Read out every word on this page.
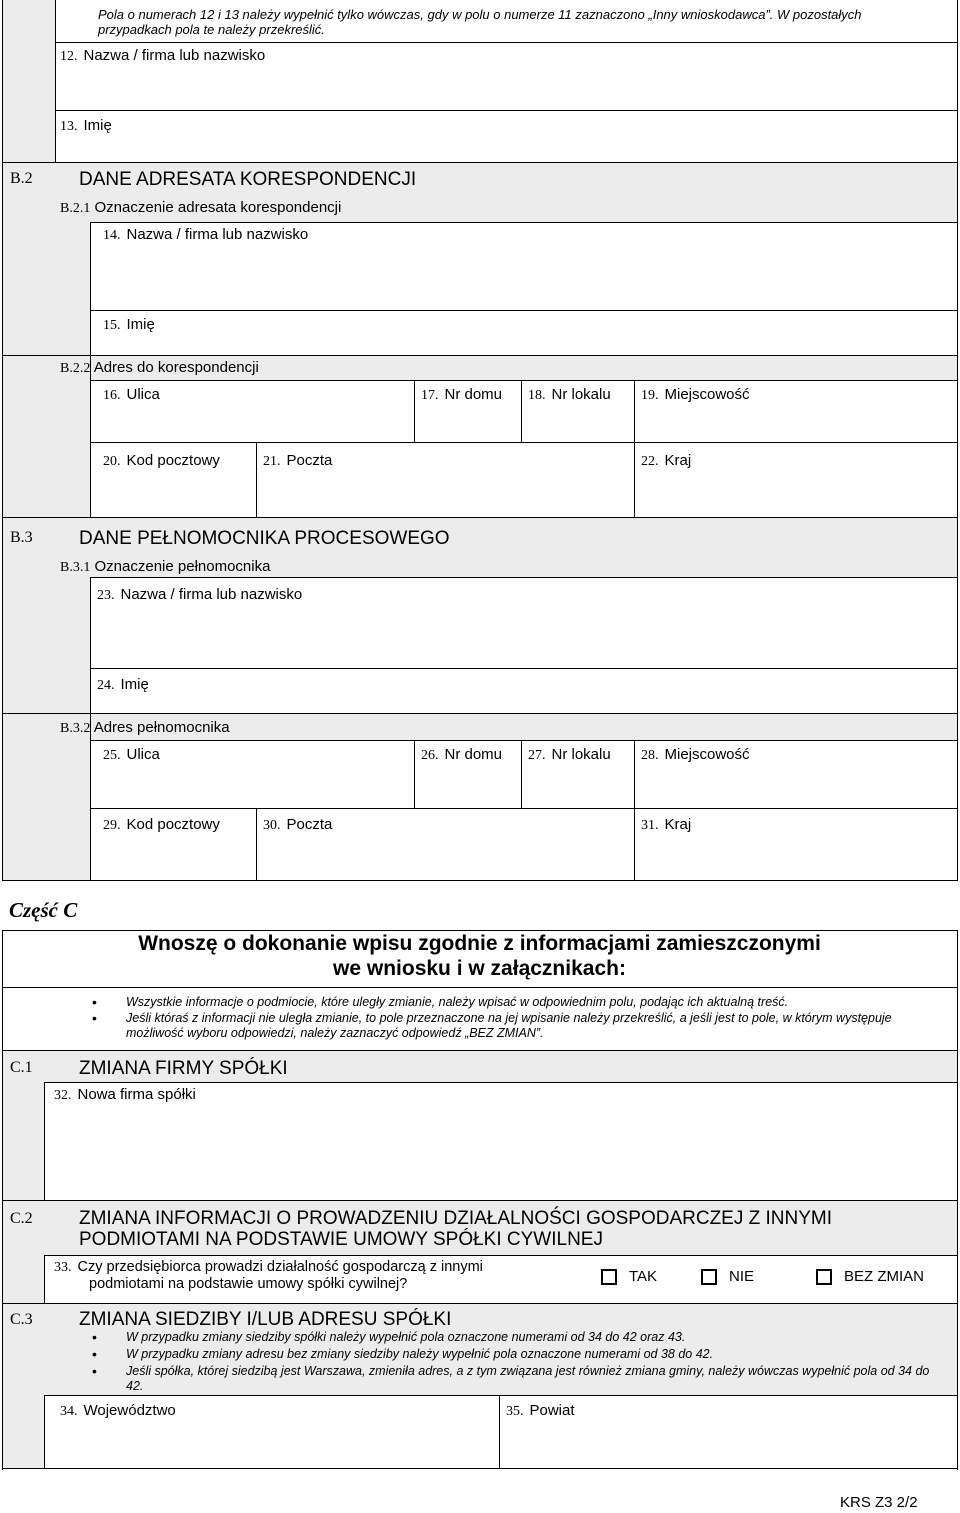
Pola o numerach 12 i 13 należy wypełnić tylko wówczas, gdy w polu o numerze 11 zaznaczono „Inny wnioskodawca”. W pozostałych przypadkach pola te należy przekreślić.
12. Nazwa / firma lub nazwisko
13. Imię
B.2 DANE ADRESATA KORESPONDENCJI
B.2.1 Oznaczenie adresata korespondencji
14. Nazwa / firma lub nazwisko
15. Imię
B.2.2 Adres do korespondencji
16. Ulica	17. Nr domu 18. Nr lokalu 19. Miejscowość
20. Kod pocztowy	21. Poczta	22. Kraj
B.3 DANE PEŁNOMOCNIKA PROCESOWEGO
B.3.1 Oznaczenie pełnomocnika
23. Nazwa / firma lub nazwisko
24. Imię
B.3.2 Adres pełnomocnika
25. Ulica	26. Nr domu 27. Nr lokalu 28. Miejscowość
29. Kod pocztowy	30. Poczta	31. Kraj
Część C
Wnoszę o dokonanie wpisu zgodnie z informacjami zamieszczonymi
we wniosku i w załącznikach:
• Wszystkie informacje o podmiocie, które uległy zmianie, należy wpisać w odpowiednim polu, podając ich aktualną treść.
• Jeśli któraś z informacji nie uległa zmianie, to pole przeznaczone na jej wpisanie należy przekreślić, a jeśli jest to pole, w którym występuje możliwość wyboru odpowiedzi, należy zaznaczyć odpowiedź „BEZ ZMIAN”.
C.1 ZMIANA FIRMY SPÓŁKI
32. Nowa firma spółki
C.2 ZMIANA INFORMACJI O PROWADZENIU DZIAŁALNOŚCI GOSPODARCZEJ Z INNYMI
PODMIOTAMI NA PODSTAWIE UMOWY SPÓŁKI CYWILNEJ
33. Czy przedsiębiorca prowadzi działalność gospodarczą z innymi
podmiotami na podstawie umowy spółki cywilnej?	TAK	NIE	BEZ ZMIAN
C.3 ZMIANA SIEDZIBY I/LUB ADRESU SPÓŁKI
• W przypadku zmiany siedziby spółki należy wypełnić pola oznaczone numerami od 34 do 42 oraz 43.
• W przypadku zmiany adresu bez zmiany siedziby należy wypełnić pola oznaczone numerami od 38 do 42.
• Jeśli spółka, której siedzibą jest Warszawa, zmieniła adres, a z tym związana jest również zmiana gminy, należy wówczas wypełnić pola od 34 do 42.
34. Województwo	35. Powiat
KRS Z3 2/2
